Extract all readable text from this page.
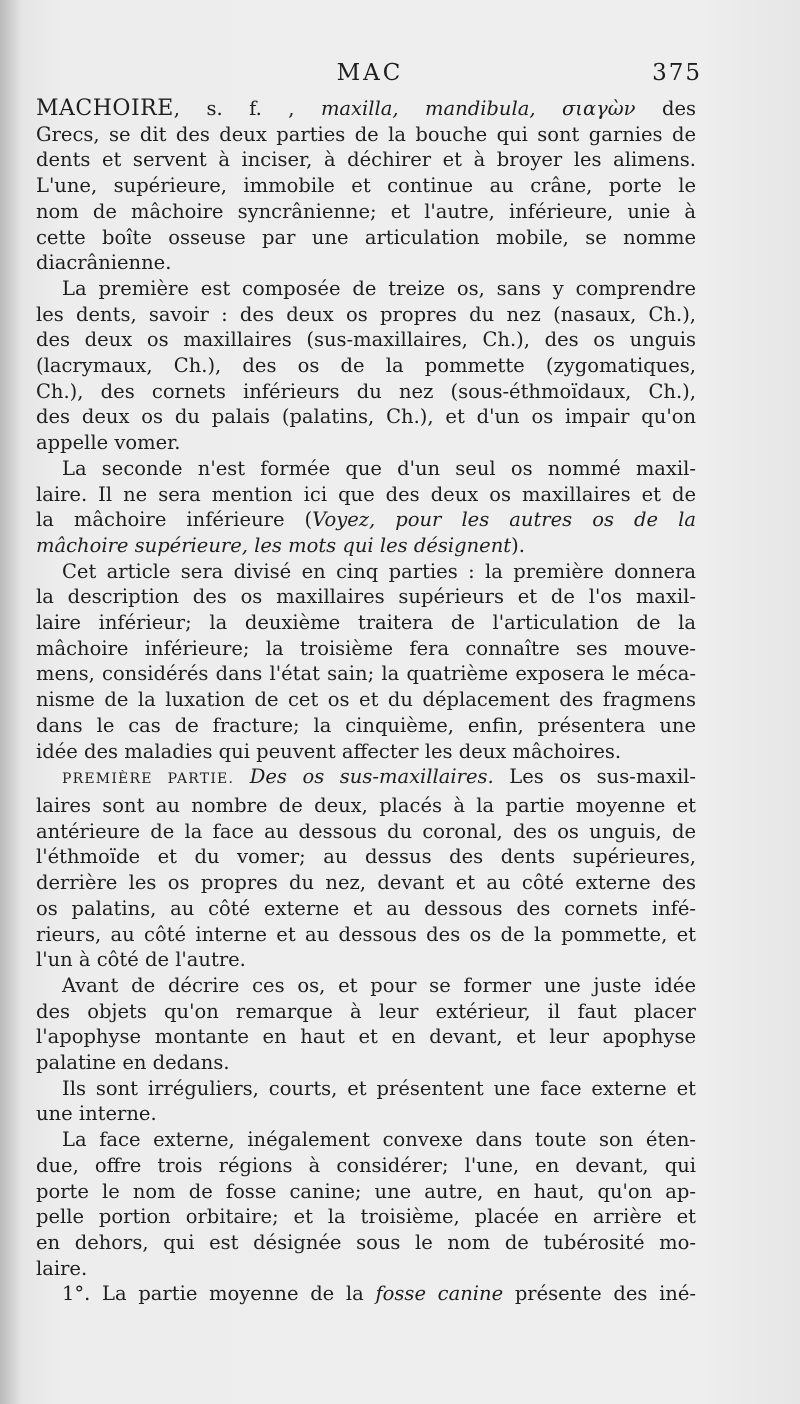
MAC	375
MACHOIRE, s. f. , maxilla, mandibula, σιαγὼν des
Grecs, se dit des deux parties de la bouche qui sont garnies de
dents et servent à inciser, à déchirer et à broyer les alimens.
L'une, supérieure, immobile et continue au crâne, porte le
nom de mâchoire syncrânienne; et l'autre, inférieure, unie à
cette boîte osseuse par une articulation mobile, se nomme
diacrânienne.
La première est composée de treize os, sans y comprendre
les dents, savoir : des deux os propres du nez (nasaux, Ch.),
des deux os maxillaires (sus-maxillaires, Ch.), des os unguis
(lacrymaux, Ch.), des os de la pommette (zygomatiques,
Ch.), des cornets inférieurs du nez (sous-éthmoïdaux, Ch.),
des deux os du palais (palatins, Ch.), et d'un os impair qu'on
appelle vomer.
La seconde n'est formée que d'un seul os nommé maxil-
laire. Il ne sera mention ici que des deux os maxillaires et de
la mâchoire inférieure (Voyez, pour les autres os de la
mâchoire supérieure, les mots qui les désignent).
Cet article sera divisé en cinq parties : la première donnera
la description des os maxillaires supérieurs et de l'os maxil-
laire inférieur; la deuxième traitera de l'articulation de la
mâchoire inférieure; la troisième fera connaître ses mouve-
mens, considérés dans l'état sain; la quatrième exposera le méca-
nisme de la luxation de cet os et du déplacement des fragmens
dans le cas de fracture; la cinquième, enfin, présentera une
idée des maladies qui peuvent affecter les deux mâchoires.
PREMIÈRE PARTIE. Des os sus-maxillaires. Les os sus-maxil-
laires sont au nombre de deux, placés à la partie moyenne et
antérieure de la face au dessous du coronal, des os unguis, de
l'éthmoïde et du vomer; au dessus des dents supérieures,
derrière les os propres du nez, devant et au côté externe des
os palatins, au côté externe et au dessous des cornets infé-
rieurs, au côté interne et au dessous des os de la pommette, et
l'un à côté de l'autre.
Avant de décrire ces os, et pour se former une juste idée
des objets qu'on remarque à leur extérieur, il faut placer
l'apophyse montante en haut et en devant, et leur apophyse
palatine en dedans.
Ils sont irréguliers, courts, et présentent une face externe et
une interne.
La face externe, inégalement convexe dans toute son éten-
due, offre trois régions à considérer; l'une, en devant, qui
porte le nom de fosse canine; une autre, en haut, qu'on ap-
pelle portion orbitaire; et la troisième, placée en arrière et
en dehors, qui est désignée sous le nom de tubérosité mo-
laire.
1°. La partie moyenne de la fosse canine présente des iné-
